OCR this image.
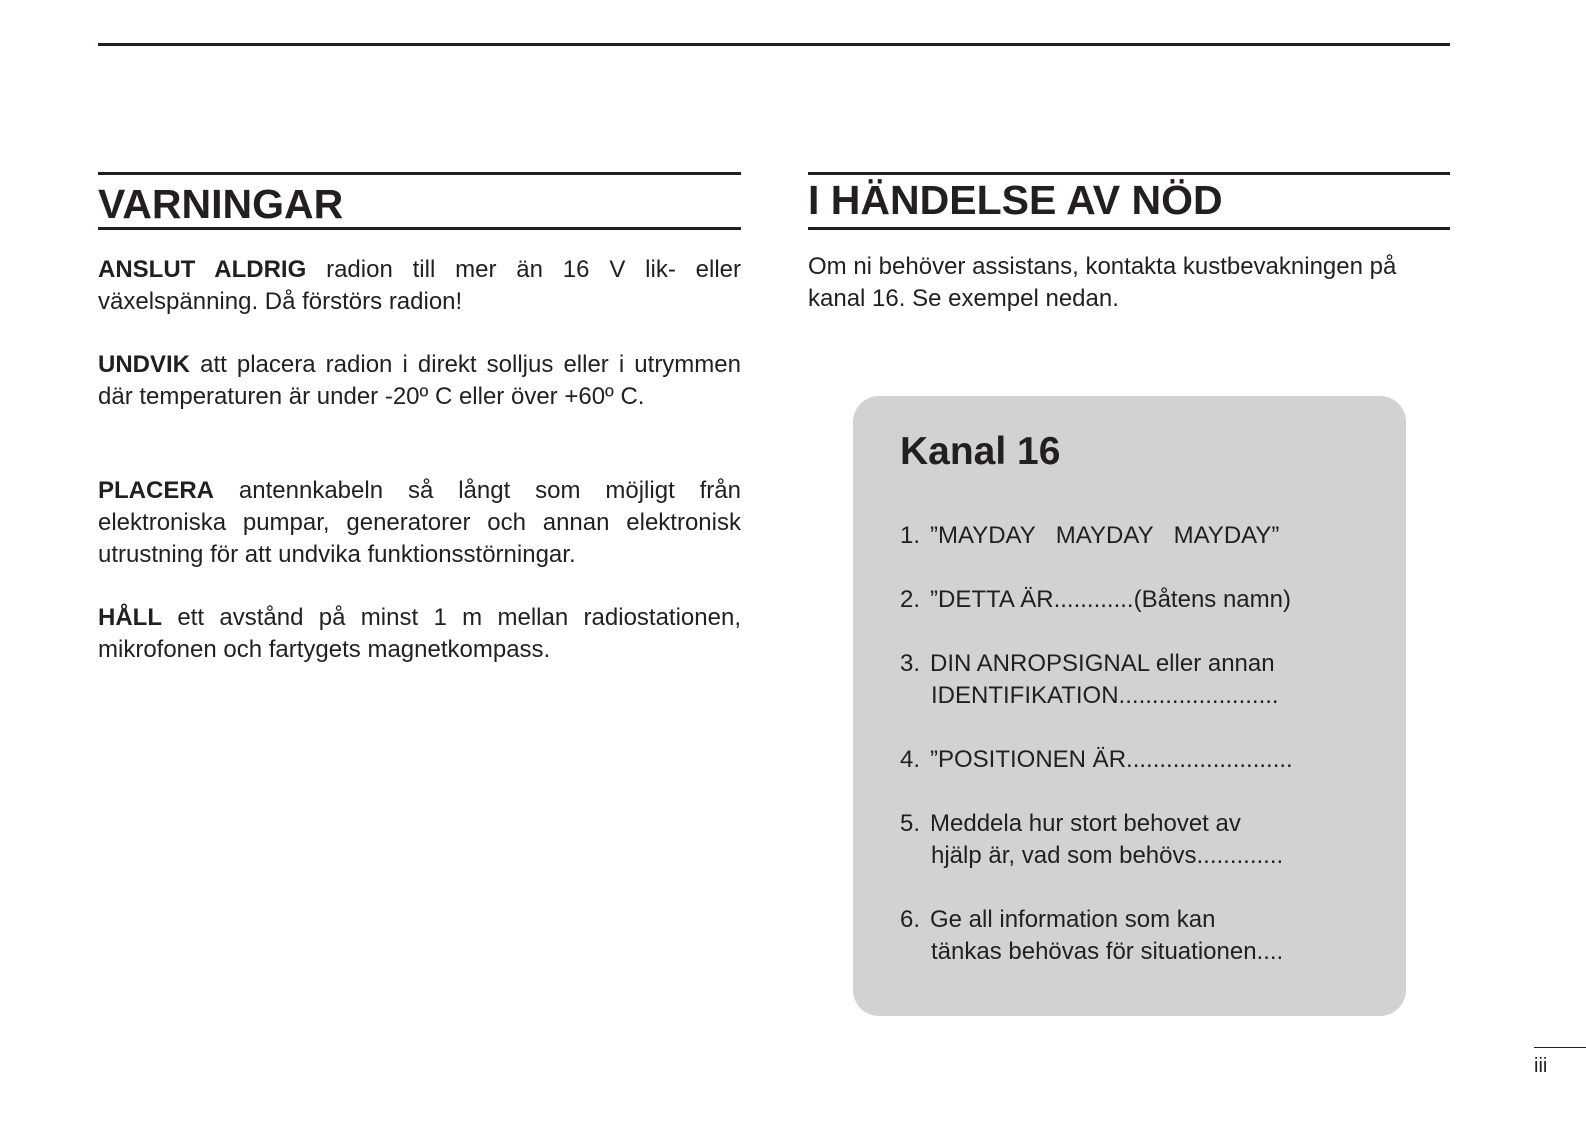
VARNINGAR

ANSLUT ALDRIG radion till mer än 16 V lik- eller växelspänning. Då förstörs radion!

UNDVIK att placera radion i direkt solljus eller i utrymmen där temperaturen är under -20º C eller över +60º C.

PLACERA antennkabeln så långt som möjligt från elektroniska pumpar, generatorer och annan elektronisk utrustning för att undvika funktionsstörningar.

HÅLL ett avstånd på minst 1 m mellan radiostationen, mikrofonen och fartygets magnetkompass.

I HÄNDELSE AV NÖD

Om ni behöver assistans, kontakta kustbevakningen på kanal 16. Se exempel nedan.

Kanal 16
1. ”MAYDAY   MAYDAY   MAYDAY”
2. ”DETTA ÄR............(Båtens namn)
3. DIN ANROPSIGNAL eller annan
IDENTIFIKATION........................
4. ”POSITIONEN ÄR.........................
5. Meddela hur stort behovet av
hjälp är, vad som behövs.............
6. Ge all information som kan
tänkas behövas för situationen....
iii
